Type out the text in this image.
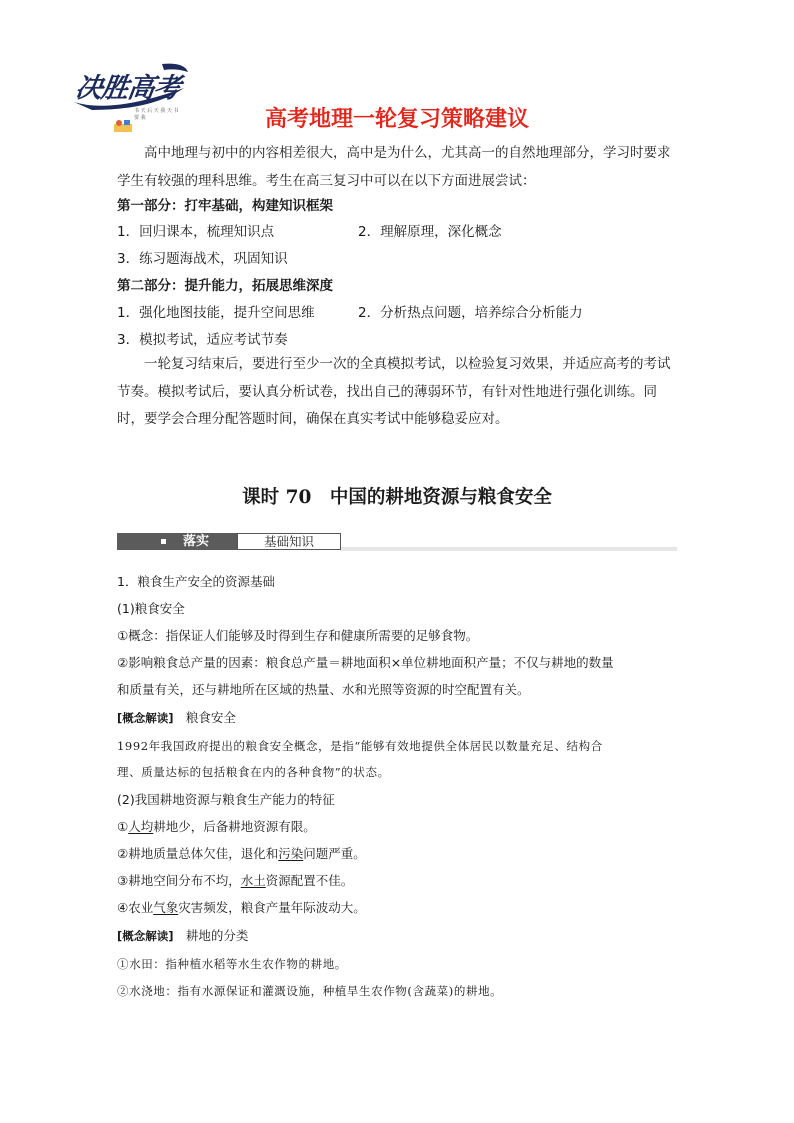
决胜高考
书 天 后 天 我 天 书 要 我	高考地理一轮复习策略建议
高中地理与初中的内容相差很大，高中是为什么，尤其高一的自然地理部分，学习时要求学生有较强的理科思维。考生在高三复习中可以在以下方面进展尝试：
第一部分：打牢基础，构建知识框架
1．回归课本，梳理知识点	2．理解原理，深化概念
3．练习题海战术，巩固知识
第二部分：提升能力，拓展思维深度
1．强化地图技能，提升空间思维	2．分析热点问题，培养综合分析能力
3．模拟考试，适应考试节奏
一轮复习结束后，要进行至少一次的全真模拟考试，以检验复习效果，并适应高考的考试节奏。模拟考试后，要认真分析试卷，找出自己的薄弱环节，有针对性地进行强化训练。同时，要学会合理分配答题时间，确保在真实考试中能够稳妥应对。
课时 70　中国的耕地资源与粮食安全
落实	基础知识
1．粮食生产安全的资源基础
(1)粮食安全
①概念：指保证人们能够及时得到生存和健康所需要的足够食物。
②影响粮食总产量的因素：粮食总产量＝耕地面积×单位耕地面积产量；不仅与耕地的数量
和质量有关，还与耕地所在区域的热量、水和光照等资源的时空配置有关。
[概念解读] 粮食安全
1992年我国政府提出的粮食安全概念，是指“能够有效地提供全体居民以数量充足、结构合
理、质量达标的包括粮食在内的各种食物”的状态。
(2)我国耕地资源与粮食生产能力的特征
①人均耕地少，后备耕地资源有限。
②耕地质量总体欠佳，退化和污染问题严重。
③耕地空间分布不均，水土资源配置不佳。
④农业气象灾害频发，粮食产量年际波动大。
[概念解读] 耕地的分类
①水田：指种植水稻等水生农作物的耕地。
②水浇地：指有水源保证和灌溉设施，种植旱生农作物(含蔬菜)的耕地。
